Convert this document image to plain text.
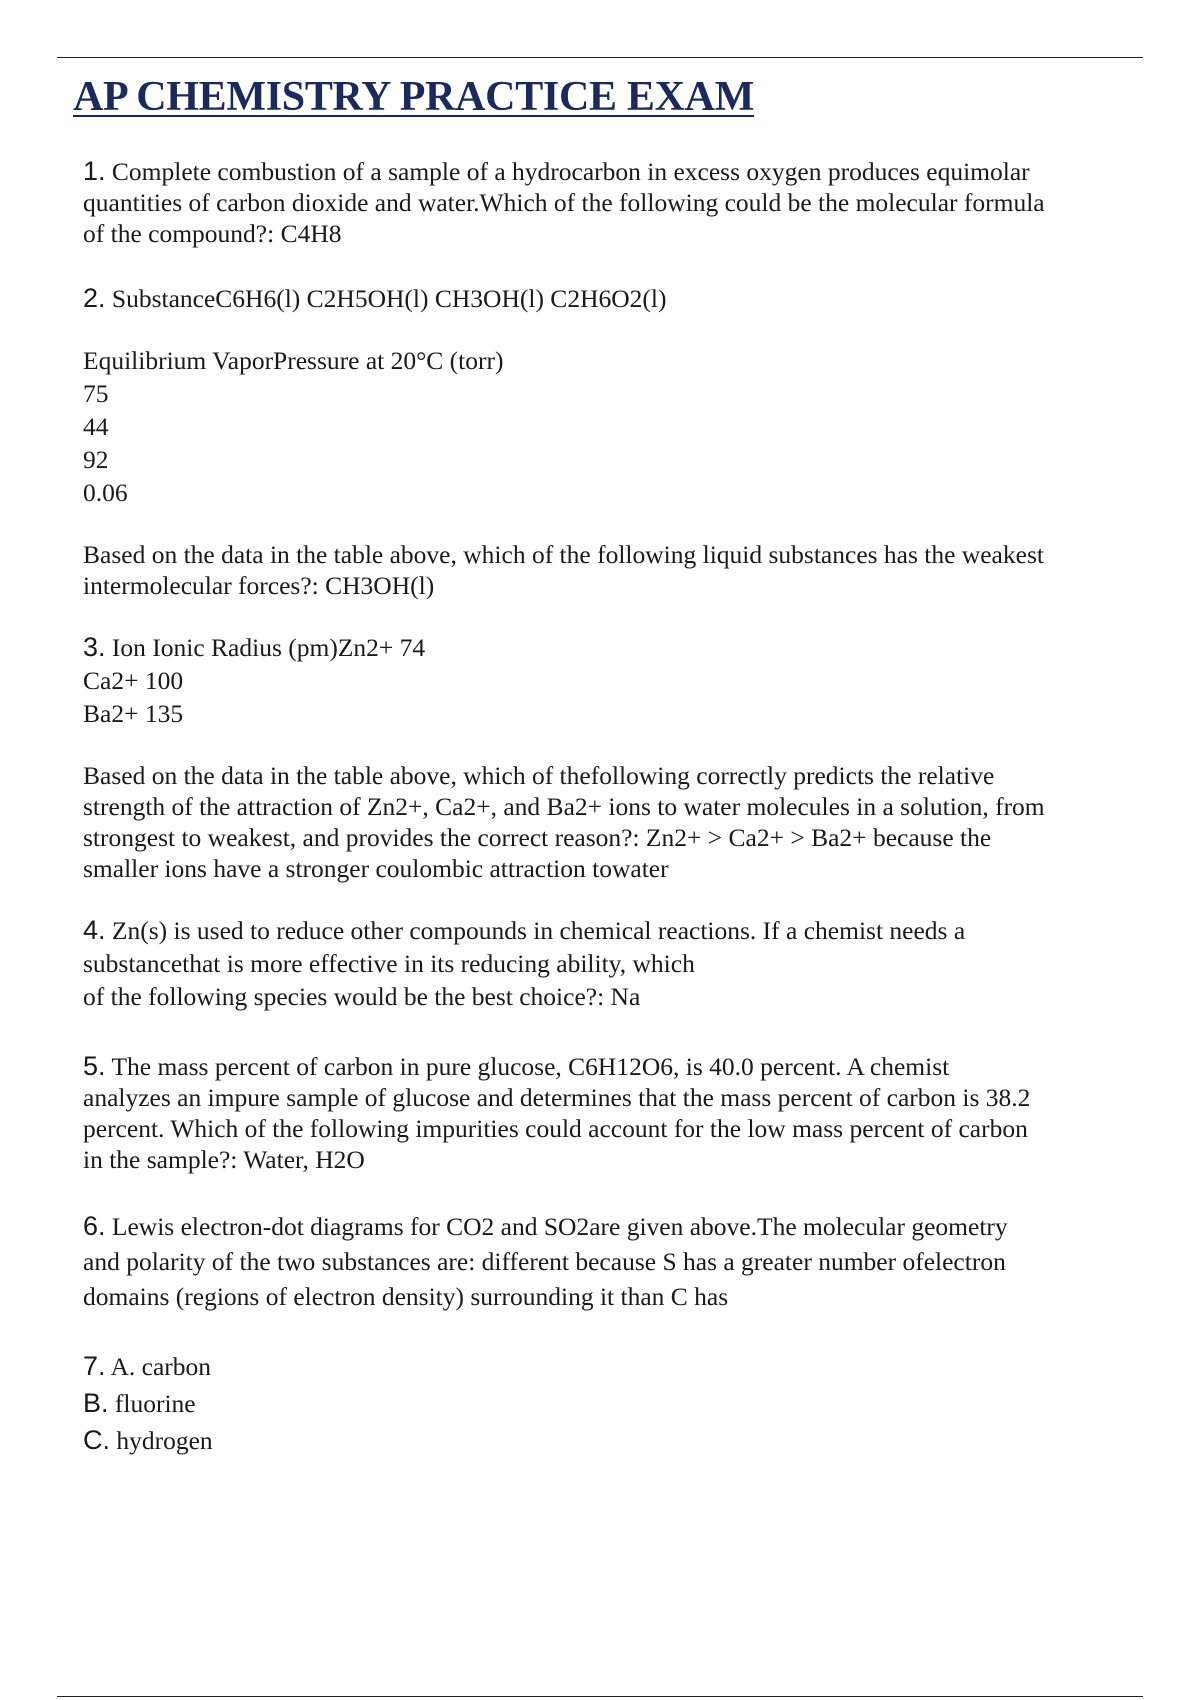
AP CHEMISTRY PRACTICE EXAM

1. Complete combustion of a sample of a hydrocarbon in excess oxygen produces equimolar

quantities of carbon dioxide and water.Which of the following could be the molecular formula

of the compound?: C4H8

2. SubstanceC6H6(l) C2H5OH(l) CH3OH(l) C2H6O2(l)

Equilibrium VaporPressure at 20°C (torr)

75

44

92

0.06

Based on the data in the table above, which of the following liquid substances has the weakest

intermolecular forces?: CH3OH(l)

3. Ion Ionic Radius (pm)Zn2+ 74

Ca2+ 100

Ba2+ 135

Based on the data in the table above, which of thefollowing correctly predicts the relative

strength of the attraction of Zn2+, Ca2+, and Ba2+ ions to water molecules in a solution, from

strongest to weakest, and provides the correct reason?: Zn2+ > Ca2+ > Ba2+ because the

smaller ions have a stronger coulombic attraction towater

4. Zn(s) is used to reduce other compounds in chemical reactions. If a chemist needs a

substancethat is more effective in its reducing ability, which

of the following species would be the best choice?: Na

5. The mass percent of carbon in pure glucose, C6H12O6, is 40.0 percent. A chemist

analyzes an impure sample of glucose and determines that the mass percent of carbon is 38.2

percent. Which of the following impurities could account for the low mass percent of carbon

in the sample?: Water, H2O

6. Lewis electron-dot diagrams for CO2 and SO2are given above.The molecular geometry

and polarity of the two substances are: different because S has a greater number ofelectron

domains (regions of electron density) surrounding it than C has

7. A. carbon

B. fluorine

C. hydrogen
